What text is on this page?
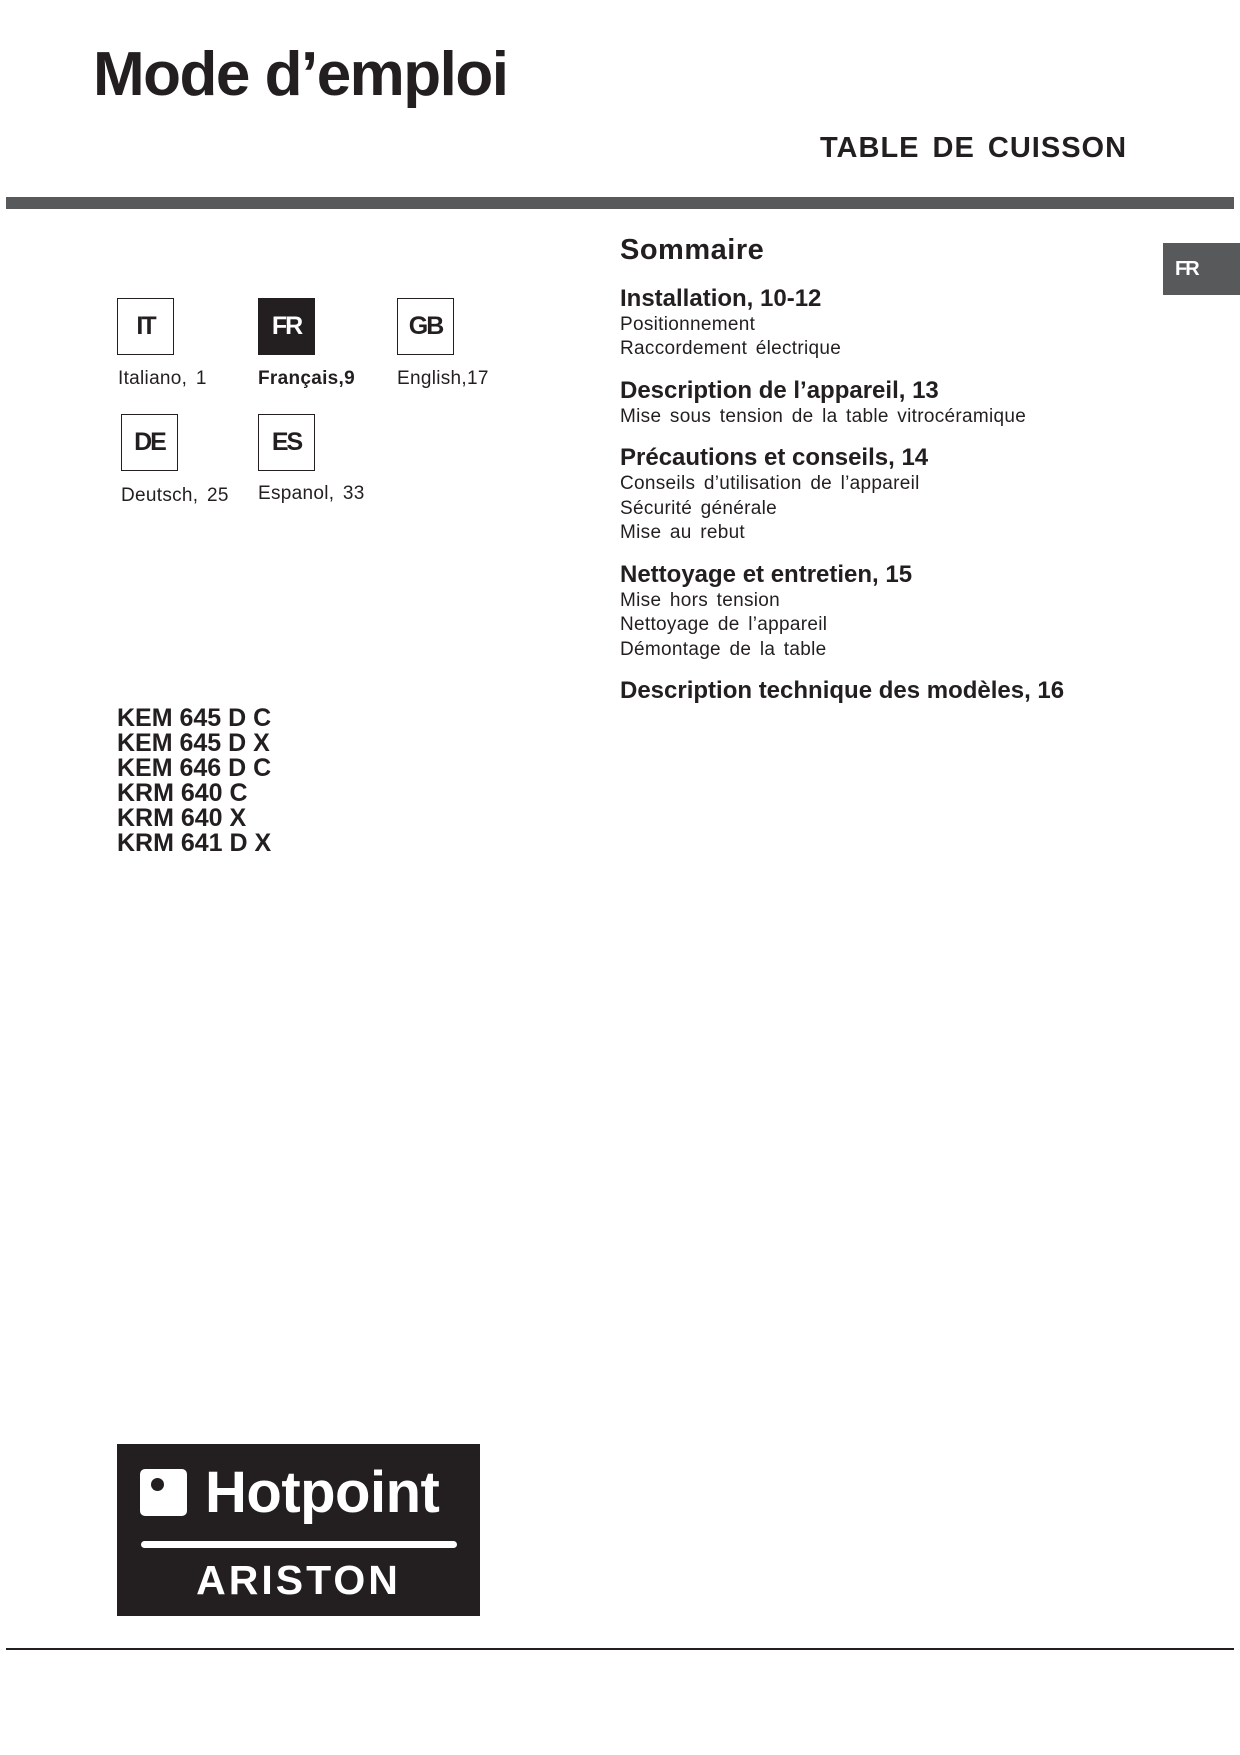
Mode d’emploi
TABLE DE CUISSON
FR
IT
Italiano, 1
FR
Français,9
GB
English,17
DE
Deutsch, 25
ES
Espanol, 33
KEM 645 D C
KEM 645 D X
KEM 646 D C
KRM 640 C
KRM 640 X
KRM 641 D X
Sommaire
Installation, 10-12
Positionnement
Raccordement électrique
Description de l’appareil, 13
Mise sous tension de la table vitrocéramique
Précautions et conseils, 14
Conseils d’utilisation de l’appareil
Sécurité générale
Mise au rebut
Nettoyage et entretien, 15
Mise hors tension
Nettoyage de l’appareil
Démontage de la table
Description technique des modèles, 16
Hotpoint
ARISTON
